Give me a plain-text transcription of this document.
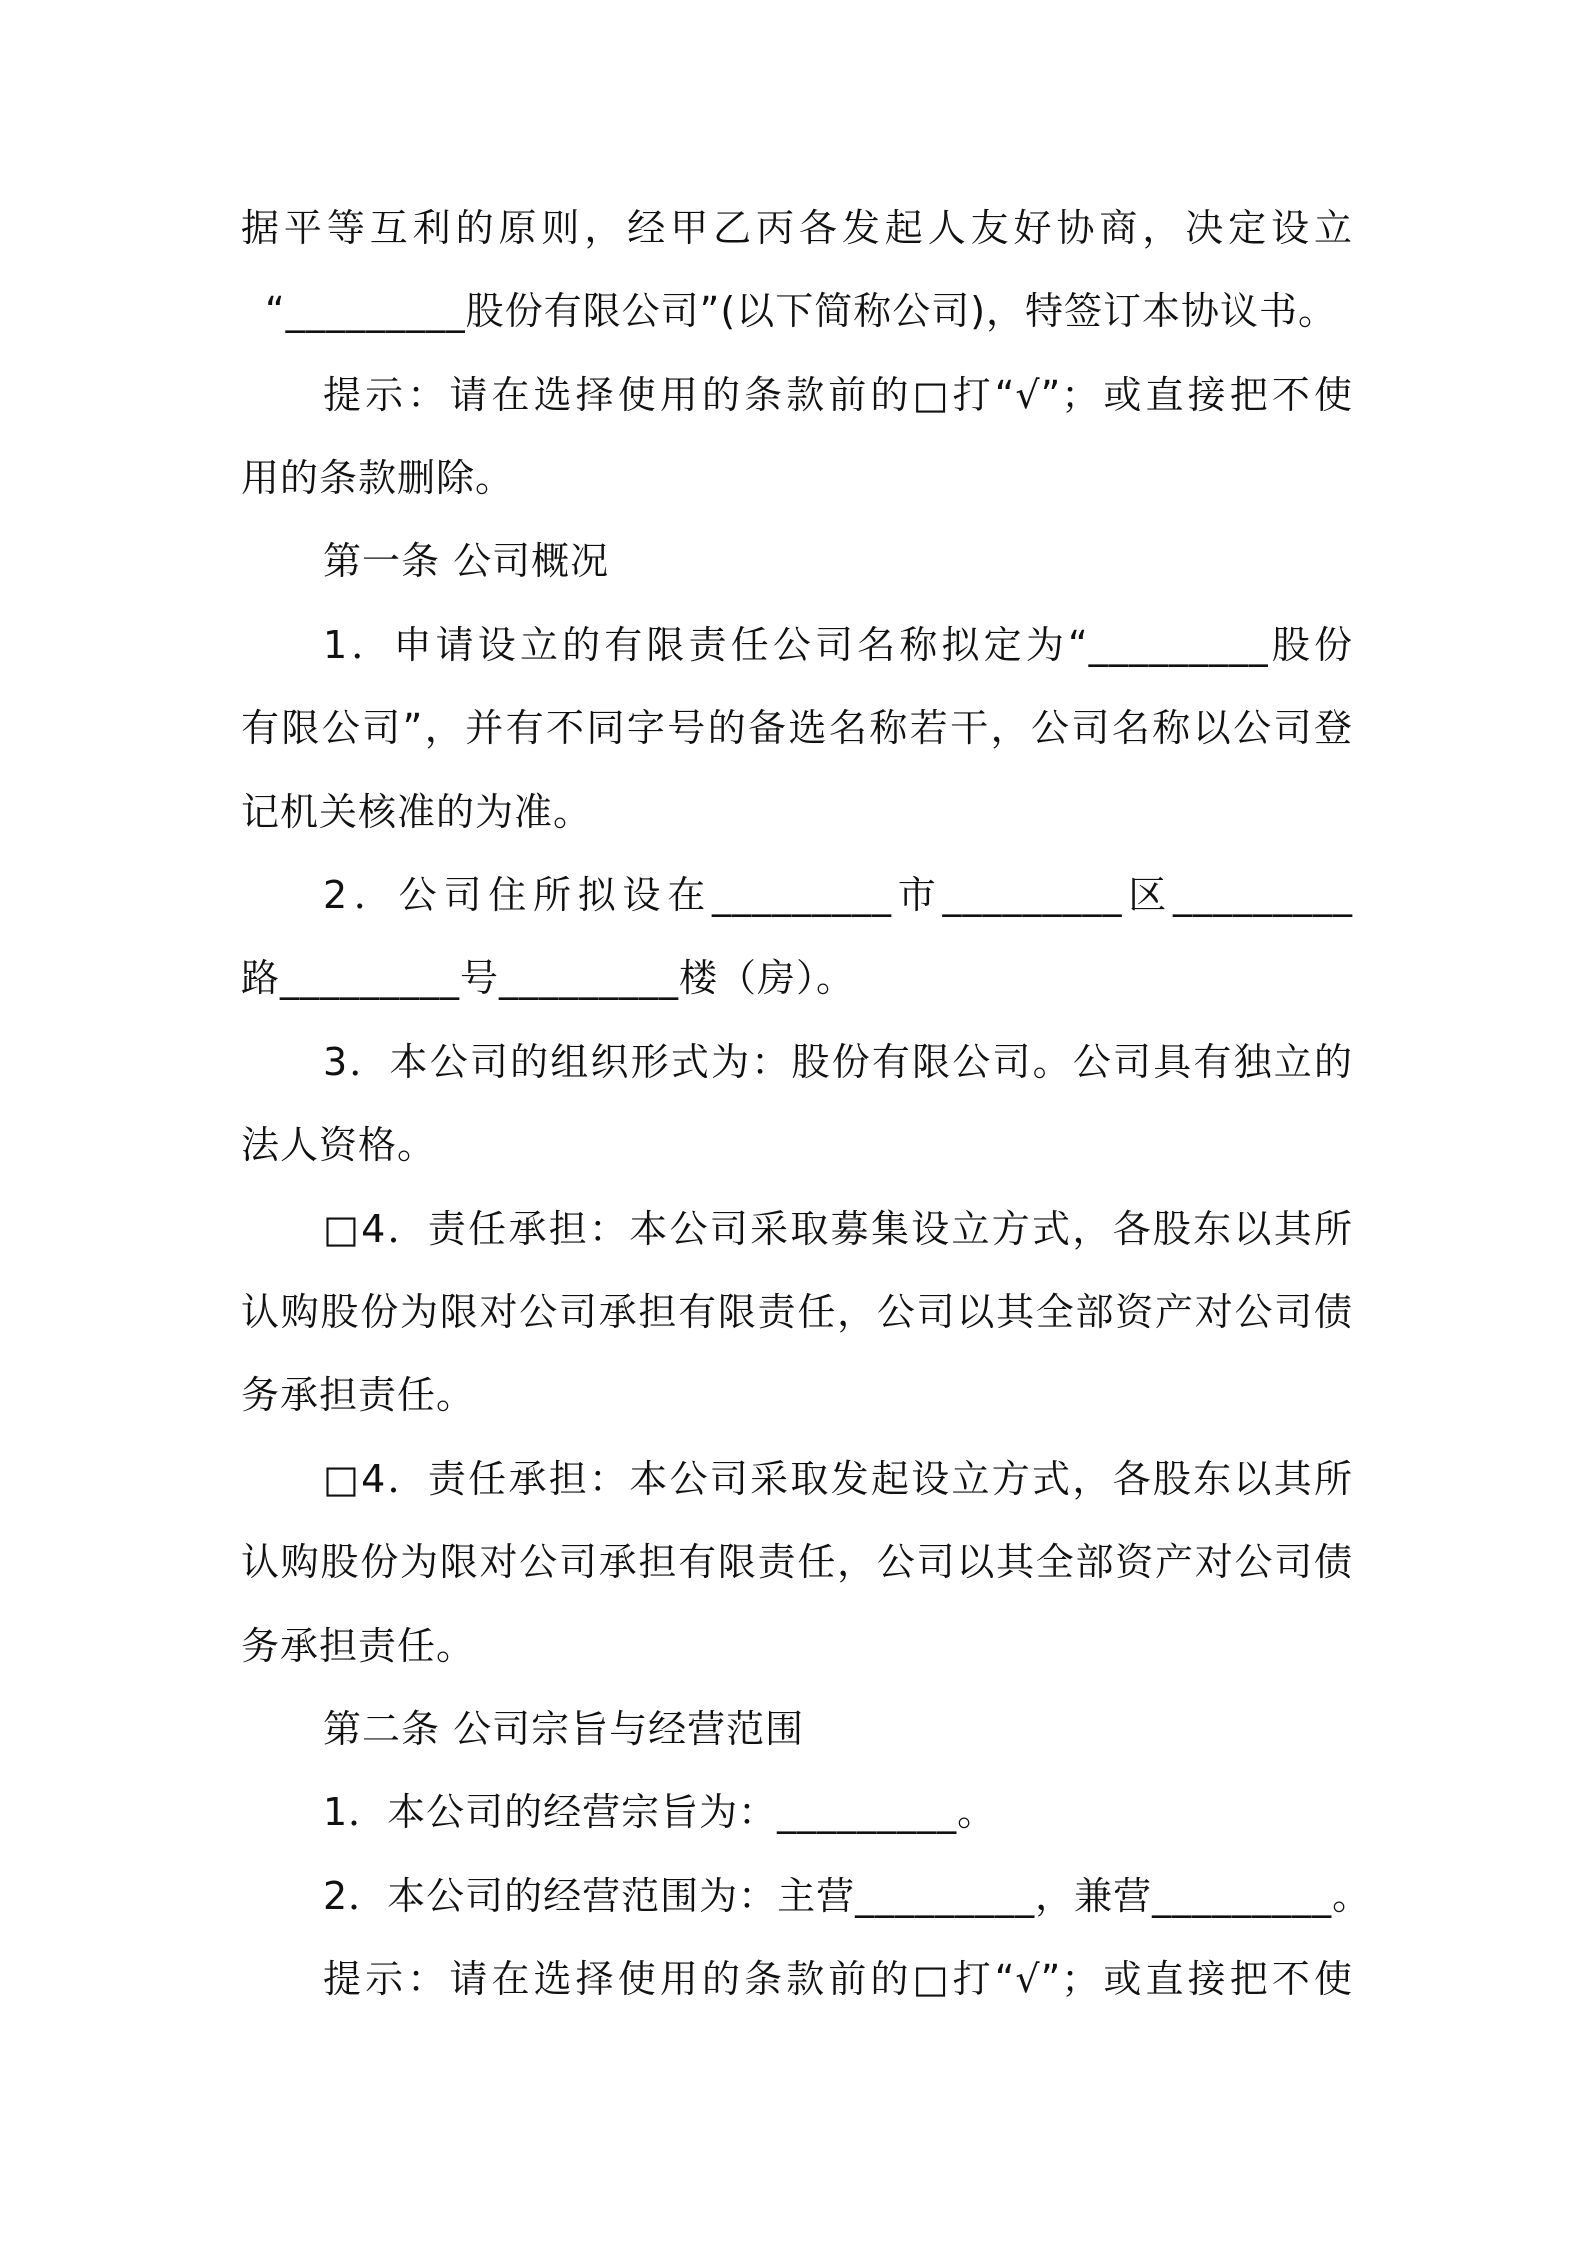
据平等互利的原则，经甲乙丙各发起人友好协商，决定设立
“_________股份有限公司”(以下简称公司)，特签订本协议书。
提示：请在选择使用的条款前的□打“√”；或直接把不使
用的条款删除。
第一条 公司概况
1．申请设立的有限责任公司名称拟定为“_________股份
有限公司”，并有不同字号的备选名称若干，公司名称以公司登
记机关核准的为准。
2．公司住所拟设在_________市_________区_________
路_________号_________楼（房）。
3．本公司的组织形式为：股份有限公司。公司具有独立的
法人资格。
□4．责任承担：本公司采取募集设立方式，各股东以其所
认购股份为限对公司承担有限责任，公司以其全部资产对公司债
务承担责任。
□4．责任承担：本公司采取发起设立方式，各股东以其所
认购股份为限对公司承担有限责任，公司以其全部资产对公司债
务承担责任。
第二条 公司宗旨与经营范围
1．本公司的经营宗旨为：_________。
2．本公司的经营范围为：主营_________，兼营_________。
提示：请在选择使用的条款前的□打“√”；或直接把不使
